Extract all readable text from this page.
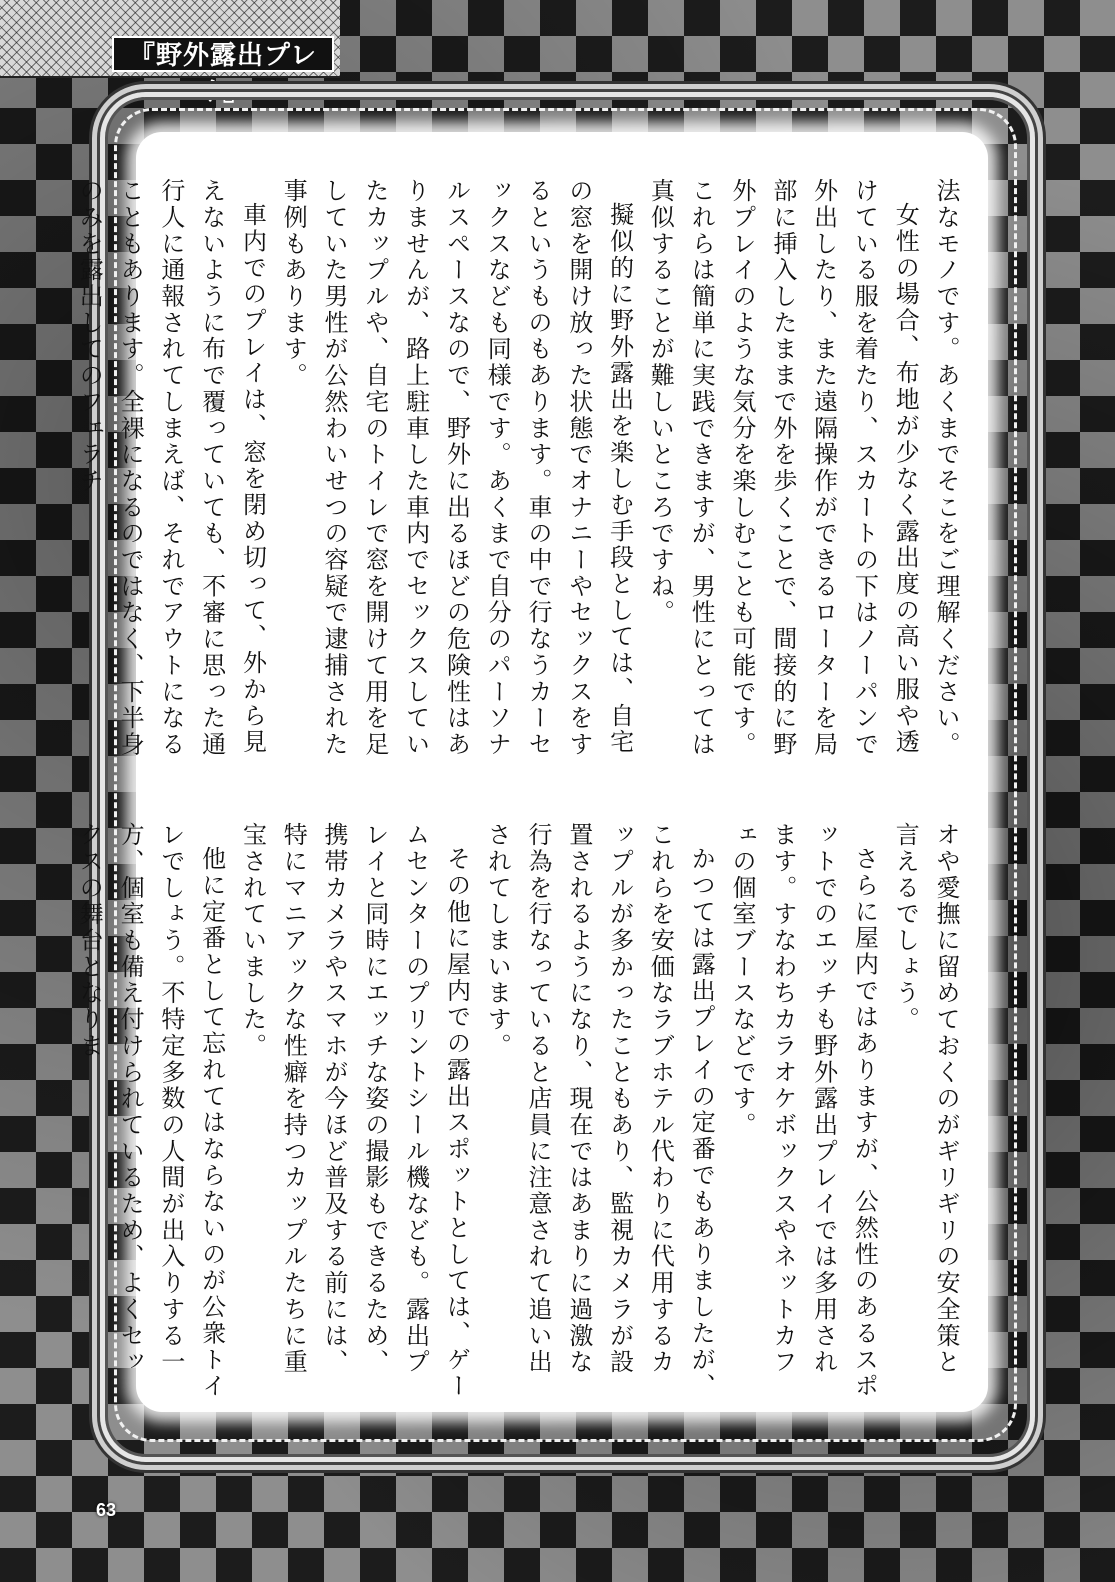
『野外露出プレイ』

法なモノです。あくまでそこをご理解ください。

女性の場合、布地が少なく露出度の高い服や透けている服を着たり、スカートの下はノーパンで外出したり、また遠隔操作ができるローターを局部に挿入したままで外を歩くことで、間接的に野外プレイのような気分を楽しむことも可能です。これらは簡単に実践できますが、男性にとっては真似することが難しいところですね。

擬似的に野外露出を楽しむ手段としては、自宅の窓を開け放った状態でオナニーやセックスをするというものもあります。車の中で行なうカーセックスなども同様です。あくまで自分のパーソナルスペースなので、野外に出るほどの危険性はありませんが、路上駐車した車内でセックスしていたカップルや、自宅のトイレで窓を開けて用を足していた男性が公然わいせつの容疑で逮捕された事例もあります。

車内でのプレイは、窓を閉め切って、外から見えないように布で覆っていても、不審に思った通行人に通報されてしまえば、それでアウトになることもあります。全裸になるのではなく、下半身のみを露出してのフェラチ

オや愛撫に留めておくのがギリギリの安全策と言えるでしょう。

さらに屋内ではありますが、公然性のあるスポットでのエッチも野外露出プレイでは多用されます。すなわちカラオケボックスやネットカフェの個室ブースなどです。

かつては露出プレイの定番でもありましたが、これらを安価なラブホテル代わりに代用するカップルが多かったこともあり、監視カメラが設置されるようになり、現在ではあまりに過激な行為を行なっていると店員に注意されて追い出されてしまいます。

その他に屋内での露出スポットとしては、ゲームセンターのプリントシール機なども。露出プレイと同時にエッチな姿の撮影もできるため、携帯カメラやスマホが今ほど普及する前には、特にマニアックな性癖を持つカップルたちに重宝されていました。

他に定番として忘れてはならないのが公衆トイレでしょう。不特定多数の人間が出入りする一方、個室も備え付けられているため、よくセックスの舞台となりま

63
